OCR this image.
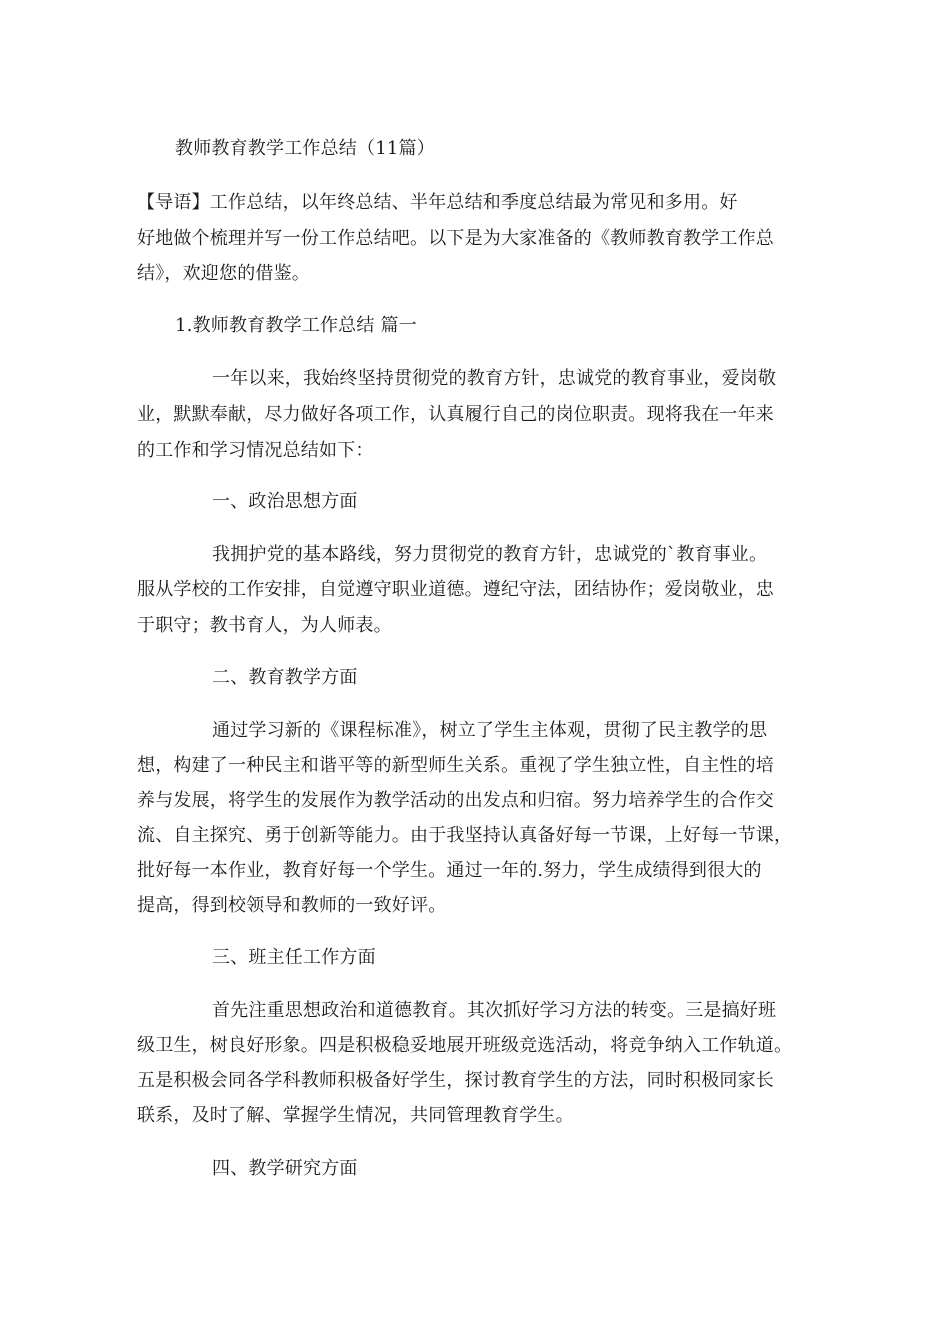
教师教育教学工作总结（11篇）
【导语】工作总结，以年终总结、半年总结和季度总结最为常见和多用。好
好地做个梳理并写一份工作总结吧。以下是为大家准备的《教师教育教学工作总
结》，欢迎您的借鉴。
1.教师教育教学工作总结 篇一
一年以来，我始终坚持贯彻党的教育方针，忠诚党的教育事业，爱岗敬
业，默默奉献，尽力做好各项工作，认真履行自己的岗位职责。现将我在一年来
的工作和学习情况总结如下：
一、政治思想方面
我拥护党的基本路线，努力贯彻党的教育方针，忠诚党的`教育事业。
服从学校的工作安排，自觉遵守职业道德。遵纪守法，团结协作；爱岗敬业，忠
于职守；教书育人，为人师表。
二、教育教学方面
通过学习新的《课程标准》，树立了学生主体观，贯彻了民主教学的思
想，构建了一种民主和谐平等的新型师生关系。重视了学生独立性，自主性的培
养与发展，将学生的发展作为教学活动的出发点和归宿。努力培养学生的合作交
流、自主探究、勇于创新等能力。由于我坚持认真备好每一节课，上好每一节课，
批好每一本作业，教育好每一个学生。通过一年的.努力，学生成绩得到很大的
提高，得到校领导和教师的一致好评。
三、班主任工作方面
首先注重思想政治和道德教育。其次抓好学习方法的转变。三是搞好班
级卫生，树良好形象。四是积极稳妥地展开班级竞选活动，将竞争纳入工作轨道。
五是积极会同各学科教师积极备好学生，探讨教育学生的方法，同时积极同家长
联系，及时了解、掌握学生情况，共同管理教育学生。
四、教学研究方面
